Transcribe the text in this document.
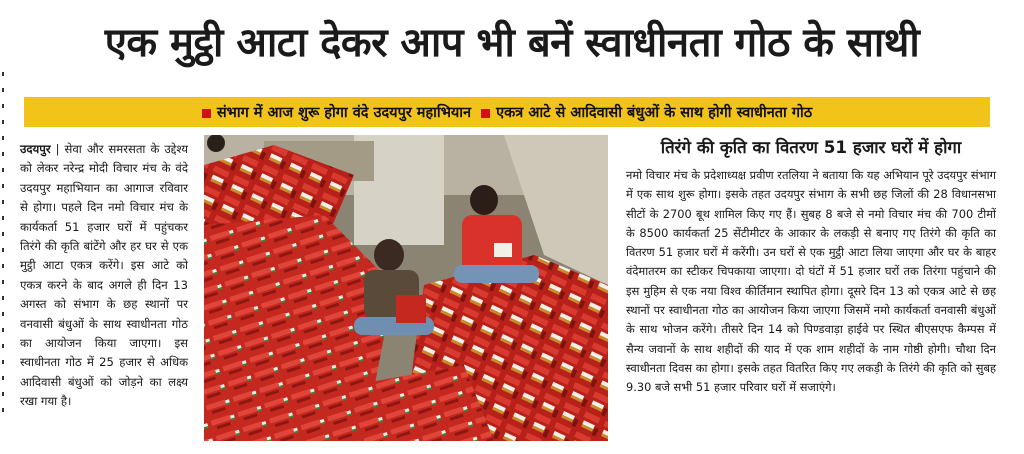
एक मुट्ठी आटा देकर आप भी बनें स्वाधीनता गोठ के साथी
संभाग में आज शुरू होगा वंदे उदयपुर महाभियान	एकत्र आटे से आदिवासी बंधुओं के साथ होगी स्वाधीनता गोठ
उदयपुर | सेवा और समरसता के उद्देश्य को लेकर नरेन्द्र मोदी विचार मंच के वंदे उदयपुर महाभियान का आगाज रविवार से होगा। पहले दिन नमो विचार मंच के कार्यकर्ता 51 हजार घरों में पहुंचकर तिरंगे की कृति बांटेंगे और हर घर से एक मुट्ठी आटा एकत्र करेंगे। इस आटे को एकत्र करने के बाद अगले ही दिन 13 अगस्त को संभाग के छह स्थानों पर वनवासी बंधुओं के साथ स्वाधीनता गोठ का आयोजन किया जाएगा। इस स्वाधीनता गोठ में 25 हजार से अधिक आदिवासी बंधुओं को जोड़ने का लक्ष्य रखा गया है।
तिरंगे की कृति का वितरण 51 हजार घरों में होगा
नमो विचार मंच के प्रदेशाध्यक्ष प्रवीण रतलिया ने बताया कि यह अभियान पूरे उदयपुर संभाग में एक साथ शुरू होगा। इसके तहत उदयपुर संभाग के सभी छह जिलों की 28 विधानसभा सीटों के 2700 बूथ शामिल किए गए हैं। सुबह 8 बजे से नमो विचार मंच की 700 टीमों के 8500 कार्यकर्ता 25 सेंटीमीटर के आकार के लकड़ी से बनाए गए तिरंगे की कृति का वितरण 51 हजार घरों में करेंगी। उन घरों से एक मुट्ठी आटा लिया जाएगा और घर के बाहर वंदेमातरम का स्टीकर चिपकाया जाएगा। दो घंटों में 51 हजार घरों तक तिरंगा पहुंचाने की इस मुहिम से एक नया विश्व कीर्तिमान स्थापित होगा। दूसरे दिन 13 को एकत्र आटे से छह स्थानों पर स्वाधीनता गोठ का आयोजन किया जाएगा जिसमें नमो कार्यकर्ता वनवासी बंधुओं के साथ भोजन करेंगे। तीसरे दिन 14 को पिण्डवाड़ा हाईवे पर स्थित बीएसएफ कैम्पस में सैन्य जवानों के साथ शहीदों की याद में एक शाम शहीदों के नाम गोष्ठी होगी। चौथा दिन स्वाधीनता दिवस का होगा। इसके तहत वितरित किए गए लकड़ी के तिरंगे की कृति को सुबह 9.30 बजे सभी 51 हजार परिवार घरों में सजाएंगे।
